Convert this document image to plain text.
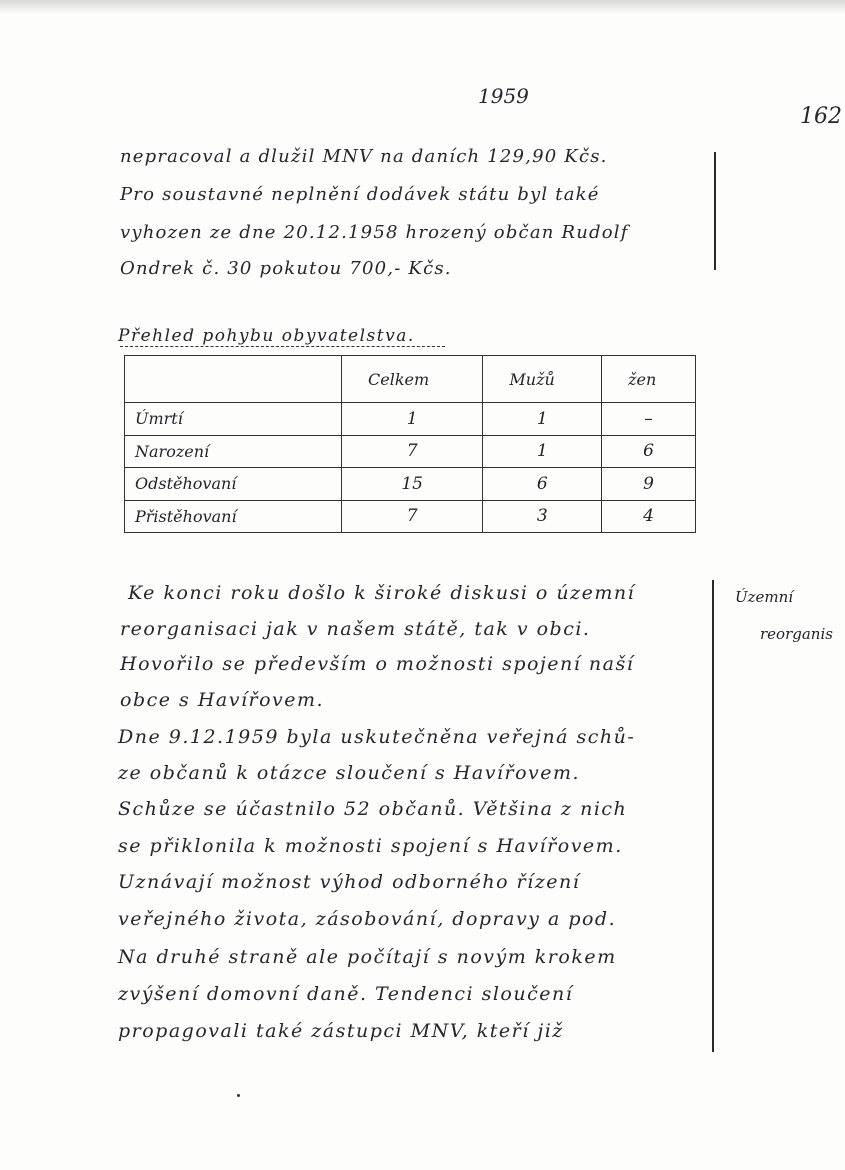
1959
162
nepracoval a dlužil MNV na daních 129,90 Kčs.
Pro soustavné neplnění dodávek státu byl také
vyhozen ze dne 20.12.1958 hrozený občan Rudolf
Ondrek č. 30 pokutou 700,- Kčs.
Přehled pohybu obyvatelstva.
	Celkem	Mužů	žen
Úmrtí	1	1	–
Narození	7	1	6
Odstěhovaní	15	6	9
Přistěhovaní	7	3	4
Ke konci roku došlo k široké diskusi o územní
reorganisaci jak v našem státě, tak v obci.
Hovořilo se především o možnosti spojení naší
obce s Havířovem.
Dne 9.12.1959 byla uskutečněna veřejná schů-
ze občanů k otázce sloučení s Havířovem.
Schůze se účastnilo 52 občanů. Většina z nich
se přiklonila k možnosti spojení s Havířovem.
Uznávají možnost výhod odborného řízení
veřejného života, zásobování, dopravy a pod.
Na druhé straně ale počítají s novým krokem
zvýšení domovní daně. Tendenci sloučení
propagovali také zástupci MNV, kteří již
Územní
reorganis
